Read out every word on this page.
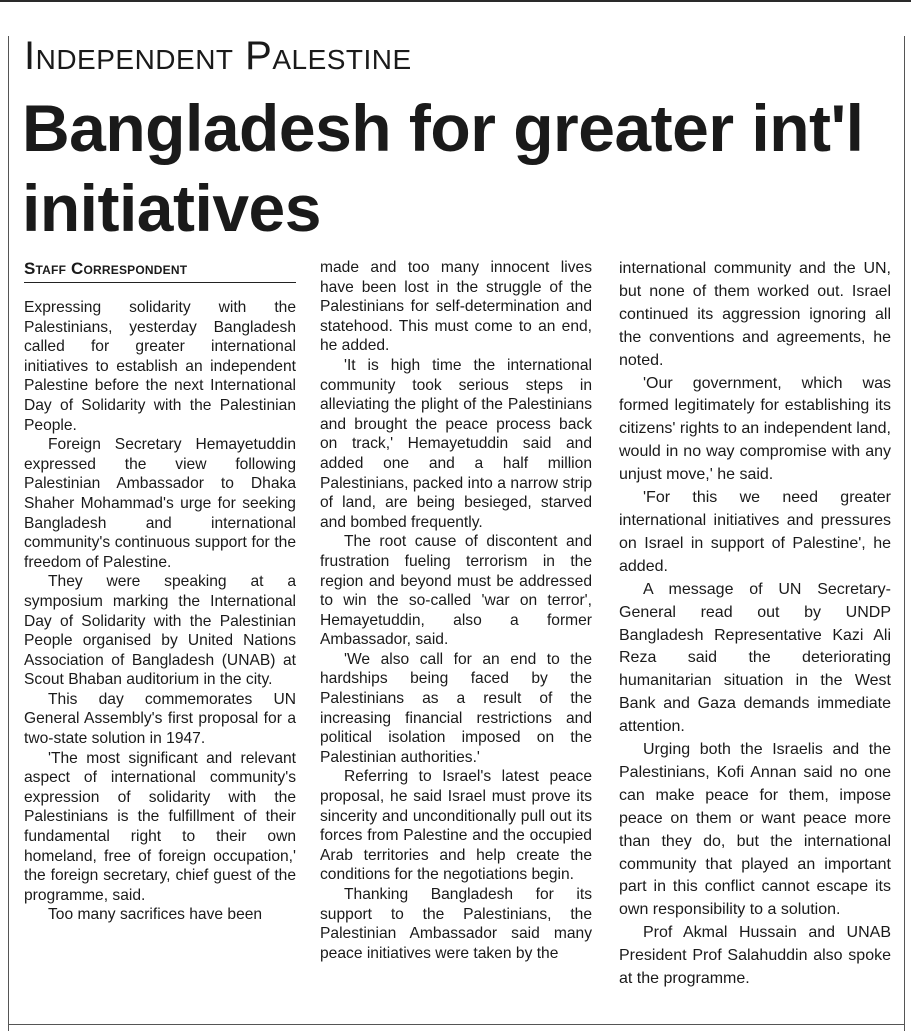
Independent Palestine
Bangladesh for greater int'l initiatives
Staff Correspondent

Expressing solidarity with the Palestinians, yesterday Bangladesh called for greater international initiatives to establish an independent Palestine before the next International Day of Solidarity with the Palestinian People.

Foreign Secretary Hemayetuddin expressed the view following Palestinian Ambassador to Dhaka Shaher Mohammad's urge for seeking Bangladesh and international community's continuous support for the freedom of Palestine.

They were speaking at a symposium marking the International Day of Solidarity with the Palestinian People organised by United Nations Association of Bangladesh (UNAB) at Scout Bhaban auditorium in the city.

This day commemorates UN General Assembly's first proposal for a two-state solution in 1947.

'The most significant and relevant aspect of international community's expression of solidarity with the Palestinians is the fulfillment of their fundamental right to their own homeland, free of foreign occupation,' the foreign secretary, chief guest of the programme, said.

Too many sacrifices have been

made and too many innocent lives have been lost in the struggle of the Palestinians for self-determination and statehood. This must come to an end, he added.

'It is high time the international community took serious steps in alleviating the plight of the Palestinians and brought the peace process back on track,' Hemayetuddin said and added one and a half million Palestinians, packed into a narrow strip of land, are being besieged, starved and bombed frequently.

The root cause of discontent and frustration fueling terrorism in the region and beyond must be addressed to win the so-called 'war on terror', Hemayetuddin, also a former Ambassador, said.

'We also call for an end to the hardships being faced by the Palestinians as a result of the increasing financial restrictions and political isolation imposed on the Palestinian authorities.'

Referring to Israel's latest peace proposal, he said Israel must prove its sincerity and unconditionally pull out its forces from Palestine and the occupied Arab territories and help create the conditions for the negotiations begin.

Thanking Bangladesh for its support to the Palestinians, the Palestinian Ambassador said many peace initiatives were taken by the

international community and the UN, but none of them worked out. Israel continued its aggression ignoring all the conventions and agreements, he noted.

'Our government, which was formed legitimately for establishing its citizens' rights to an independent land, would in no way compromise with any unjust move,' he said.

'For this we need greater international initiatives and pressures on Israel in support of Palestine', he added.

A message of UN Secretary-General read out by UNDP Bangladesh Representative Kazi Ali Reza said the deteriorating humanitarian situation in the West Bank and Gaza demands immediate attention.

Urging both the Israelis and the Palestinians, Kofi Annan said no one can make peace for them, impose peace on them or want peace more than they do, but the international community that played an important part in this conflict cannot escape its own responsibility to a solution.

Prof Akmal Hussain and UNAB President Prof Salahuddin also spoke at the programme.
